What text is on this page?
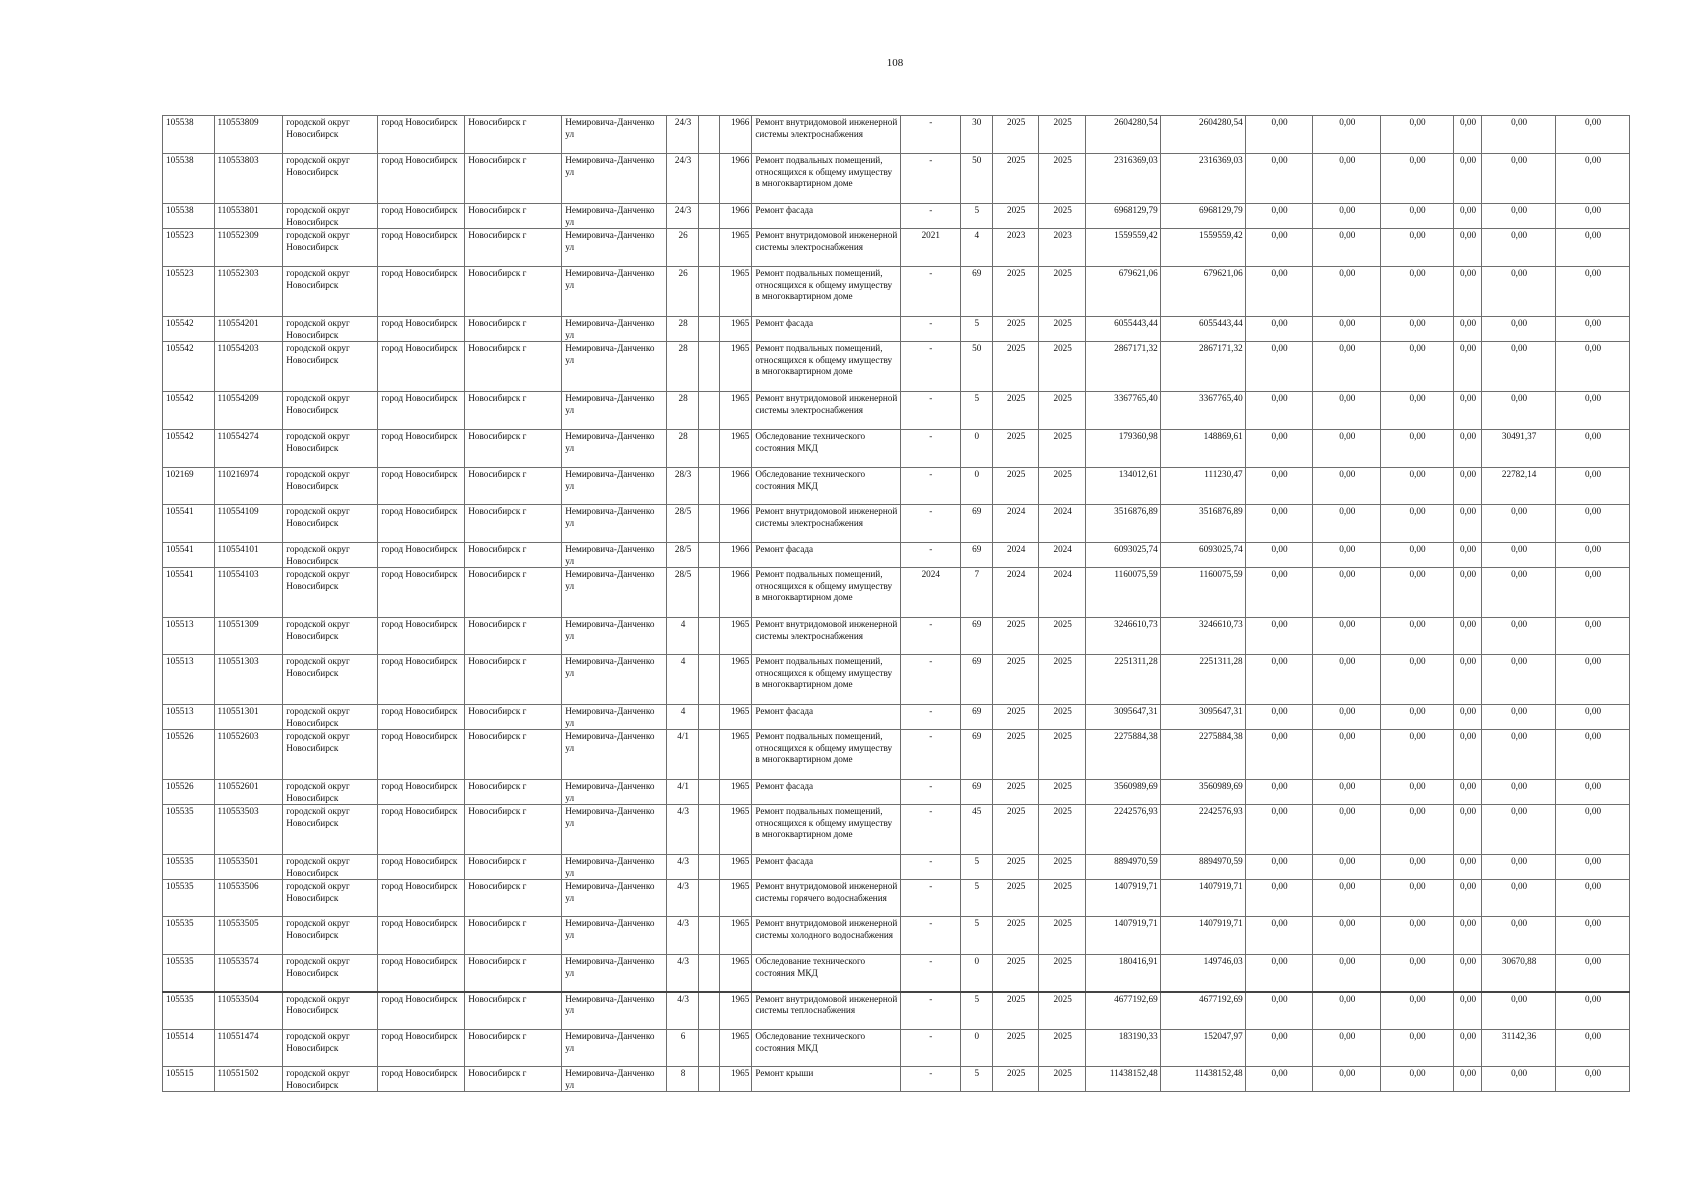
108
105538	110553809	городской округ Новосибирск	город Новосибирск	Новосибирск г	Немировича-Данченко ул	24/3		1966	Ремонт внутридомовой инженерной системы электроснабжения	-	30	2025	2025	2604280,54	2604280,54	0,00	0,00	0,00	0,00	0,00	0,00
105538	110553803	городской округ Новосибирск	город Новосибирск	Новосибирск г	Немировича-Данченко ул	24/3		1966	Ремонт подвальных помещений, относящихся к общему имуществу в многоквартирном доме	-	50	2025	2025	2316369,03	2316369,03	0,00	0,00	0,00	0,00	0,00	0,00
105538	110553801	городской округ Новосибирск	город Новосибирск	Новосибирск г	Немировича-Данченко ул	24/3		1966	Ремонт фасада	-	5	2025	2025	6968129,79	6968129,79	0,00	0,00	0,00	0,00	0,00	0,00
105523	110552309	городской округ Новосибирск	город Новосибирск	Новосибирск г	Немировича-Данченко ул	26		1965	Ремонт внутридомовой инженерной системы электроснабжения	2021	4	2023	2023	1559559,42	1559559,42	0,00	0,00	0,00	0,00	0,00	0,00
105523	110552303	городской округ Новосибирск	город Новосибирск	Новосибирск г	Немировича-Данченко ул	26		1965	Ремонт подвальных помещений, относящихся к общему имуществу в многоквартирном доме	-	69	2025	2025	679621,06	679621,06	0,00	0,00	0,00	0,00	0,00	0,00
105542	110554201	городской округ Новосибирск	город Новосибирск	Новосибирск г	Немировича-Данченко ул	28		1965	Ремонт фасада	-	5	2025	2025	6055443,44	6055443,44	0,00	0,00	0,00	0,00	0,00	0,00
105542	110554203	городской округ Новосибирск	город Новосибирск	Новосибирск г	Немировича-Данченко ул	28		1965	Ремонт подвальных помещений, относящихся к общему имуществу в многоквартирном доме	-	50	2025	2025	2867171,32	2867171,32	0,00	0,00	0,00	0,00	0,00	0,00
105542	110554209	городской округ Новосибирск	город Новосибирск	Новосибирск г	Немировича-Данченко ул	28		1965	Ремонт внутридомовой инженерной системы электроснабжения	-	5	2025	2025	3367765,40	3367765,40	0,00	0,00	0,00	0,00	0,00	0,00
105542	110554274	городской округ Новосибирск	город Новосибирск	Новосибирск г	Немировича-Данченко ул	28		1965	Обследование технического состояния МКД	-	0	2025	2025	179360,98	148869,61	0,00	0,00	0,00	0,00	30491,37	0,00
102169	110216974	городской округ Новосибирск	город Новосибирск	Новосибирск г	Немировича-Данченко ул	28/3		1966	Обследование технического состояния МКД	-	0	2025	2025	134012,61	111230,47	0,00	0,00	0,00	0,00	22782,14	0,00
105541	110554109	городской округ Новосибирск	город Новосибирск	Новосибирск г	Немировича-Данченко ул	28/5		1966	Ремонт внутридомовой инженерной системы электроснабжения	-	69	2024	2024	3516876,89	3516876,89	0,00	0,00	0,00	0,00	0,00	0,00
105541	110554101	городской округ Новосибирск	город Новосибирск	Новосибирск г	Немировича-Данченко ул	28/5		1966	Ремонт фасада	-	69	2024	2024	6093025,74	6093025,74	0,00	0,00	0,00	0,00	0,00	0,00
105541	110554103	городской округ Новосибирск	город Новосибирск	Новосибирск г	Немировича-Данченко ул	28/5		1966	Ремонт подвальных помещений, относящихся к общему имуществу в многоквартирном доме	2024	7	2024	2024	1160075,59	1160075,59	0,00	0,00	0,00	0,00	0,00	0,00
105513	110551309	городской округ Новосибирск	город Новосибирск	Новосибирск г	Немировича-Данченко ул	4		1965	Ремонт внутридомовой инженерной системы электроснабжения	-	69	2025	2025	3246610,73	3246610,73	0,00	0,00	0,00	0,00	0,00	0,00
105513	110551303	городской округ Новосибирск	город Новосибирск	Новосибирск г	Немировича-Данченко ул	4		1965	Ремонт подвальных помещений, относящихся к общему имуществу в многоквартирном доме	-	69	2025	2025	2251311,28	2251311,28	0,00	0,00	0,00	0,00	0,00	0,00
105513	110551301	городской округ Новосибирск	город Новосибирск	Новосибирск г	Немировича-Данченко ул	4		1965	Ремонт фасада	-	69	2025	2025	3095647,31	3095647,31	0,00	0,00	0,00	0,00	0,00	0,00
105526	110552603	городской округ Новосибирск	город Новосибирск	Новосибирск г	Немировича-Данченко ул	4/1		1965	Ремонт подвальных помещений, относящихся к общему имуществу в многоквартирном доме	-	69	2025	2025	2275884,38	2275884,38	0,00	0,00	0,00	0,00	0,00	0,00
105526	110552601	городской округ Новосибирск	город Новосибирск	Новосибирск г	Немировича-Данченко ул	4/1		1965	Ремонт фасада	-	69	2025	2025	3560989,69	3560989,69	0,00	0,00	0,00	0,00	0,00	0,00
105535	110553503	городской округ Новосибирск	город Новосибирск	Новосибирск г	Немировича-Данченко ул	4/3		1965	Ремонт подвальных помещений, относящихся к общему имуществу в многоквартирном доме	-	45	2025	2025	2242576,93	2242576,93	0,00	0,00	0,00	0,00	0,00	0,00
105535	110553501	городской округ Новосибирск	город Новосибирск	Новосибирск г	Немировича-Данченко ул	4/3		1965	Ремонт фасада	-	5	2025	2025	8894970,59	8894970,59	0,00	0,00	0,00	0,00	0,00	0,00
105535	110553506	городской округ Новосибирск	город Новосибирск	Новосибирск г	Немировича-Данченко ул	4/3		1965	Ремонт внутридомовой инженерной системы горячего водоснабжения	-	5	2025	2025	1407919,71	1407919,71	0,00	0,00	0,00	0,00	0,00	0,00
105535	110553505	городской округ Новосибирск	город Новосибирск	Новосибирск г	Немировича-Данченко ул	4/3		1965	Ремонт внутридомовой инженерной системы холодного водоснабжения	-	5	2025	2025	1407919,71	1407919,71	0,00	0,00	0,00	0,00	0,00	0,00
105535	110553574	городской округ Новосибирск	город Новосибирск	Новосибирск г	Немировича-Данченко ул	4/3		1965	Обследование технического состояния МКД	-	0	2025	2025	180416,91	149746,03	0,00	0,00	0,00	0,00	30670,88	0,00
105535	110553504	городской округ Новосибирск	город Новосибирск	Новосибирск г	Немировича-Данченко ул	4/3		1965	Ремонт внутридомовой инженерной системы теплоснабжения	-	5	2025	2025	4677192,69	4677192,69	0,00	0,00	0,00	0,00	0,00	0,00
105514	110551474	городской округ Новосибирск	город Новосибирск	Новосибирск г	Немировича-Данченко ул	6		1965	Обследование технического состояния МКД	-	0	2025	2025	183190,33	152047,97	0,00	0,00	0,00	0,00	31142,36	0,00
105515	110551502	городской округ Новосибирск	город Новосибирск	Новосибирск г	Немировича-Данченко ул	8		1965	Ремонт крыши	-	5	2025	2025	11438152,48	11438152,48	0,00	0,00	0,00	0,00	0,00	0,00
